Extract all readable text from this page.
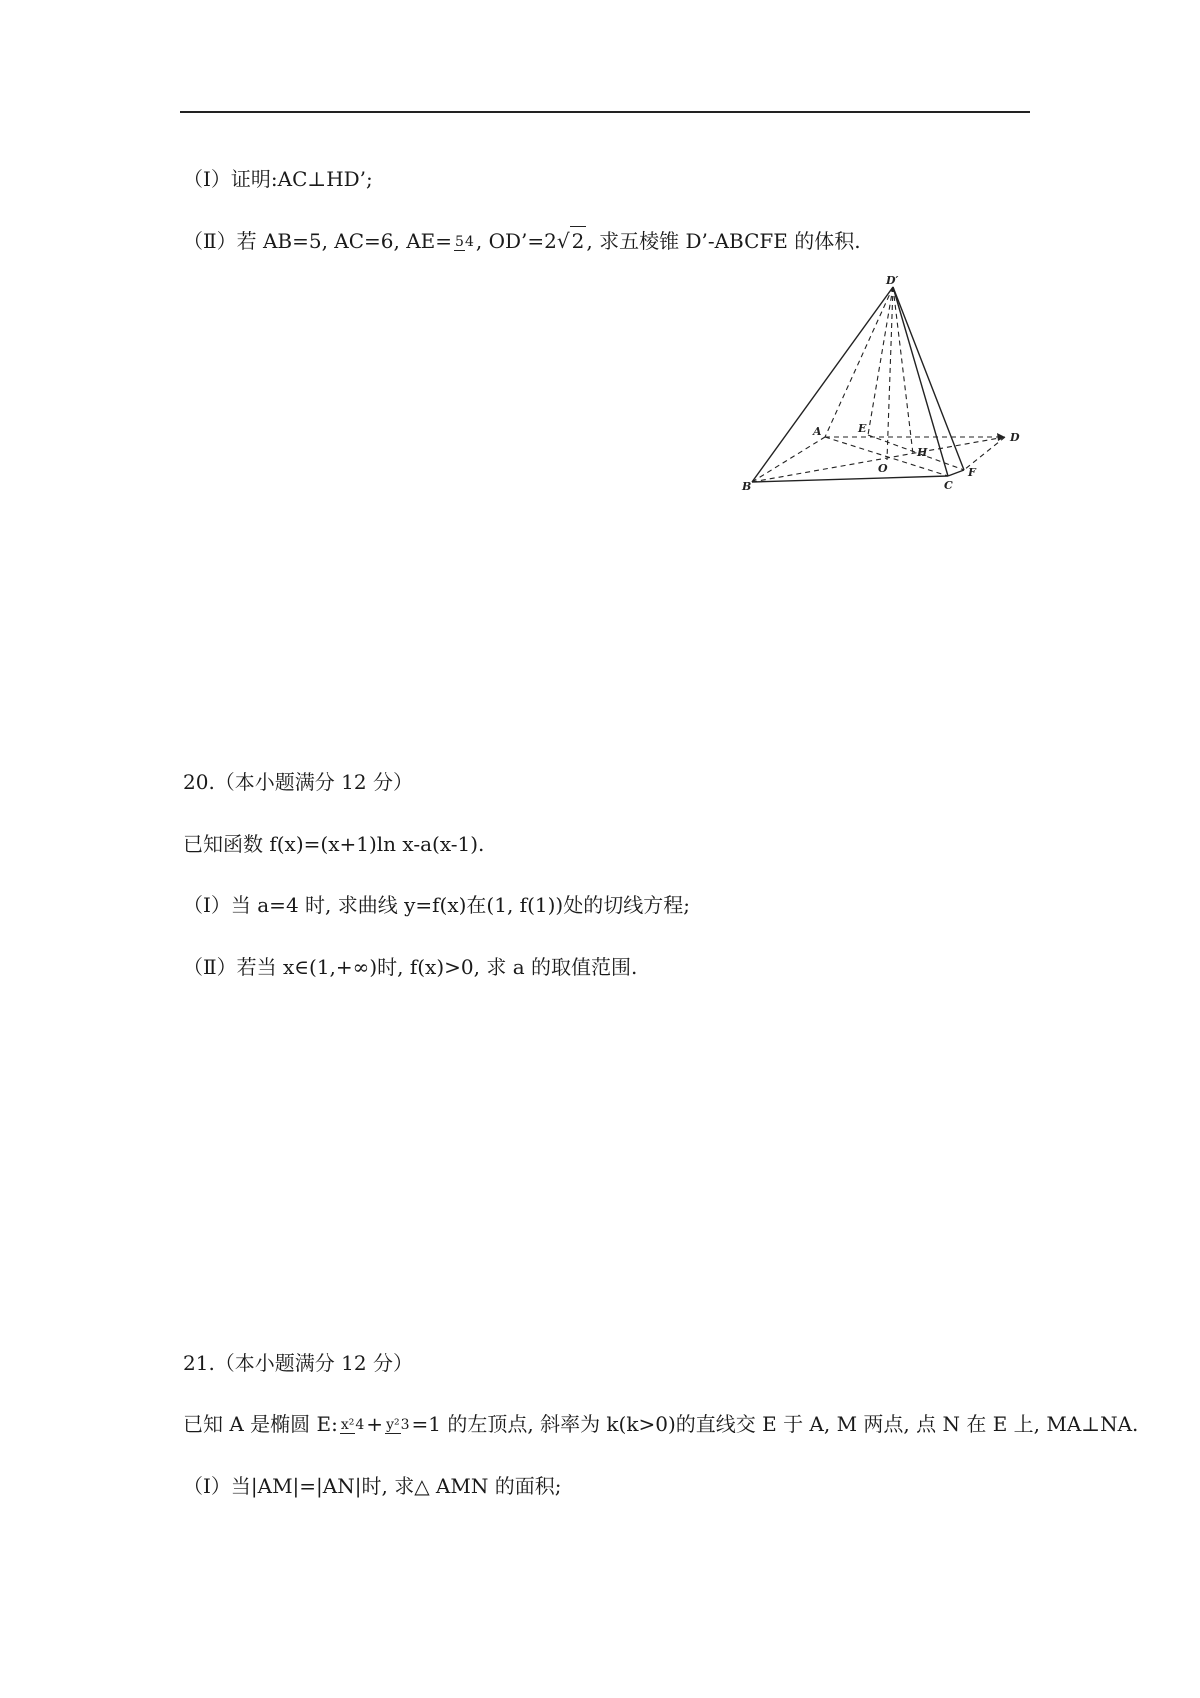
（Ⅰ）证明:AC⊥HD’;
（Ⅱ）若 AB=5, AC=6, AE= 54 , OD’=2√ 2 , 求五棱锥 D’-ABCFE 的体积.
D′
A	E
D
H
O
B	C
F
20.（本小题满分 12 分）
已知函数 f(x)=(x+1)ln x-a(x-1).
（Ⅰ）当 a=4 时, 求曲线 y=f(x)在(1, f(1))处的切线方程;
（Ⅱ）若当 x∈(1,+∞)时, f(x)>0, 求 a 的取值范围.
21.（本小题满分 12 分）
已知 A 是椭圆 E: x²4 + y²3 =1 的左顶点, 斜率为 k(k>0)的直线交 E 于 A, M 两点, 点 N 在 E 上, MA⊥NA.
（Ⅰ）当|AM|=|AN|时, 求△ AMN 的面积;
